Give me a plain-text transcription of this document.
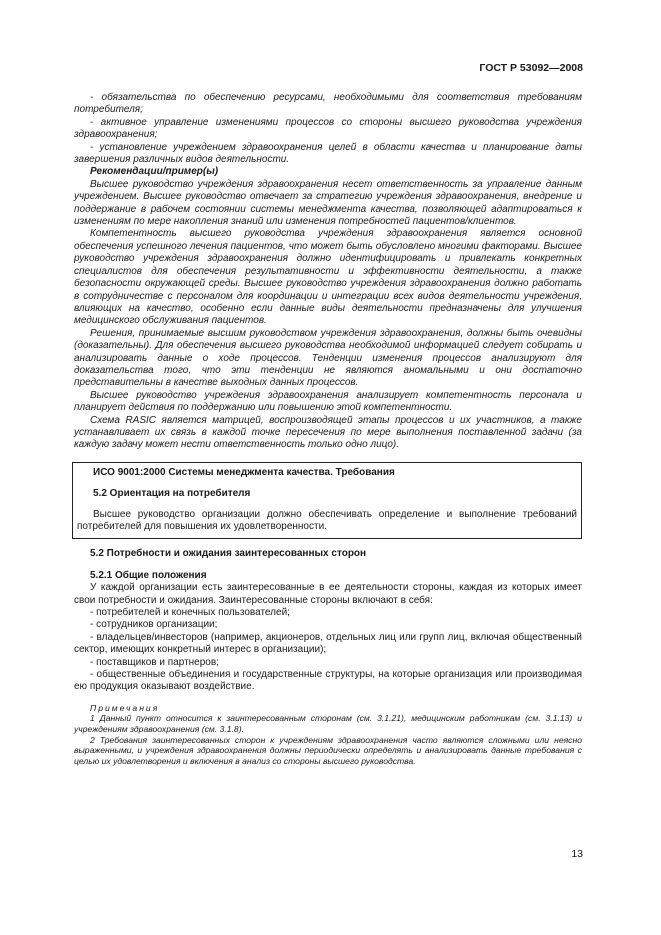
ГОСТ Р 53092—2008

- обязательства по обеспечению ресурсами, необходимыми для соответствия требованиям потребителя;

- активное управление изменениями процессов со стороны высшего руководства учреждения здравоохранения;

- установление учреждением здравоохранения целей в области качества и планирование даты завершения различных видов деятельности.

Рекомендации/пример(ы)

Высшее руководство учреждения здравоохранения несет ответственность за управление данным учреждением. Высшее руководство отвечает за стратегию учреждения здравоохранения, внедрение и поддержание в рабочем состоянии системы менеджмента качества, позволяющей адаптироваться к изменениям по мере накопления знаний или изменения потребностей пациентов/клиентов.

Компетентность высшего руководства учреждения здравоохранения является основной обеспечения успешного лечения пациентов, что может быть обусловлено многими факторами. Высшее руководство учреждения здравоохранения должно идентифицировать и привлекать конкретных специалистов для обеспечения результативности и эффективности деятельности, а также безопасности окружающей среды. Высшее руководство учреждения здравоохранения должно работать в сотрудничестве с персоналом для координации и интеграции всех видов деятельности учреждения, влияющих на качество, особенно если данные виды деятельности предназначены для улучшения медицинского обслуживания пациентов.

Решения, принимаемые высшим руководством учреждения здравоохранения, должны быть очевидны (доказательны). Для обеспечения высшего руководства необходимой информацией следует собирать и анализировать данные о ходе процессов. Тенденции изменения процессов анализируют для доказательства того, что эти тенденции не являются аномальными и они достаточно представительны в качестве выходных данных процессов.

Высшее руководство учреждения здравоохранения анализирует компетентность персонала и планирует действия по поддержанию или повышению этой компетентности.

Схема RASIC является матрицей, воспроизводящей этапы процессов и их участников, а также устанавливает их связь в каждой точке пересечения по мере выполнения поставленной задачи (за каждую задачу может нести ответственность только одно лицо).

ИСО 9001:2000 Системы менеджмента качества. Требования

5.2 Ориентация на потребителя

Высшее руководство организации должно обеспечивать определение и выполнение требований потребителей для повышения их удовлетворенности.

5.2 Потребности и ожидания заинтересованных сторон

5.2.1 Общие положения

У каждой организации есть заинтересованные в ее деятельности стороны, каждая из которых имеет свои потребности и ожидания. Заинтересованные стороны включают в себя:

- потребителей и конечных пользователей;

- сотрудников организации;

- владельцев/инвесторов (например, акционеров, отдельных лиц или групп лиц, включая общественный сектор, имеющих конкретный интерес в организации);

- поставщиков и партнеров;

- общественные объединения и государственные структуры, на которые организация или производимая ею продукция оказывают воздействие.

Примечания

1 Данный пункт относится к заинтересованным сторонам (см. 3.1.21), медицинским работникам (см. 3.1.13) и учреждениям здравоохранения (см. 3.1.8).

2 Требования заинтересованных сторон к учреждениям здравоохранения часто являются сложными или неясно выраженными, и учреждения здравоохранения должны периодически определять и анализировать данные требования с целью их удовлетворения и включения в анализ со стороны высшего руководства.

13
